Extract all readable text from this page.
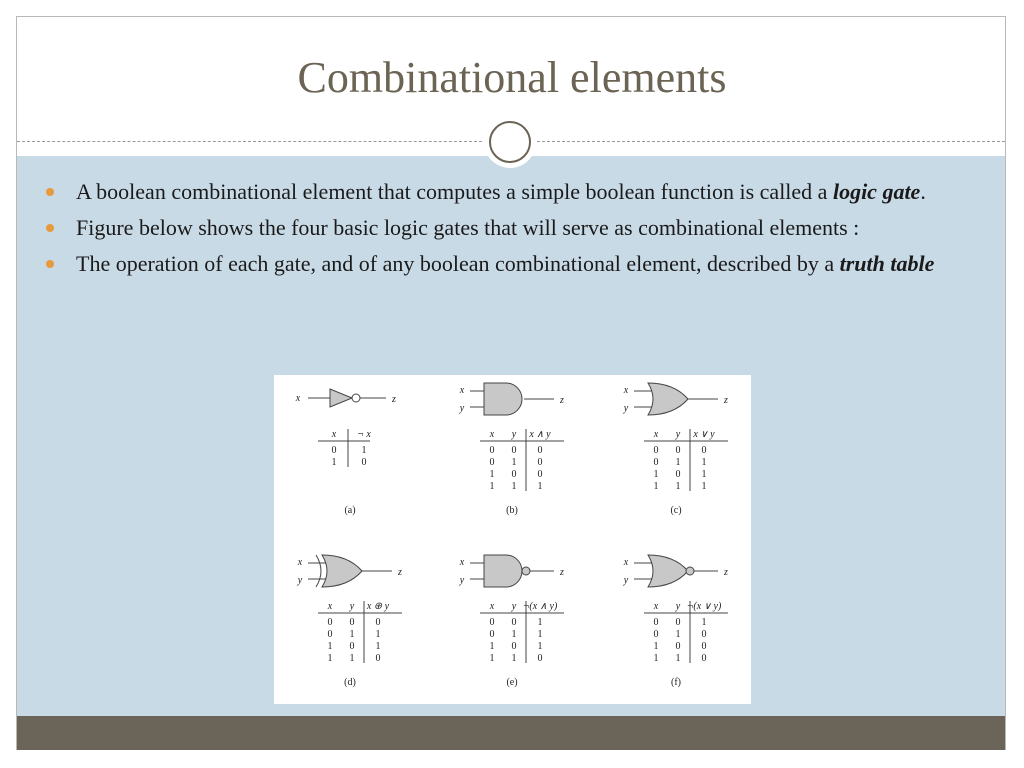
Combinational elements
A boolean combinational element that computes a simple boolean function is called a logic gate.
Figure below shows the four basic logic gates that will serve as combinational elements :
The operation of each gate, and of any boolean combinational element, described by a truth table
x	z
x ¬ x
0	1
1	0
(a)
x
y
z
x y x ∧ y
0 0 0
0 1 0
1 0 0
1 1 1
(b)
x
y
z
x y x ∨ y
0 0 0
0 1 1
1 0 1
1 1 1
(c)
x
y
z
x y x ⊕ y
0 0 0
0 1 1
1 0 1
1 1 0
(d)
x
y
z
x y ¬(x ∧ y)
0 0 1
0 1 1
1 0 1
1 1 0
(e)
x
y
z
x y ¬(x ∨ y)
0 0 1
0 1 0
1 0 0
1 1 0
(f)
